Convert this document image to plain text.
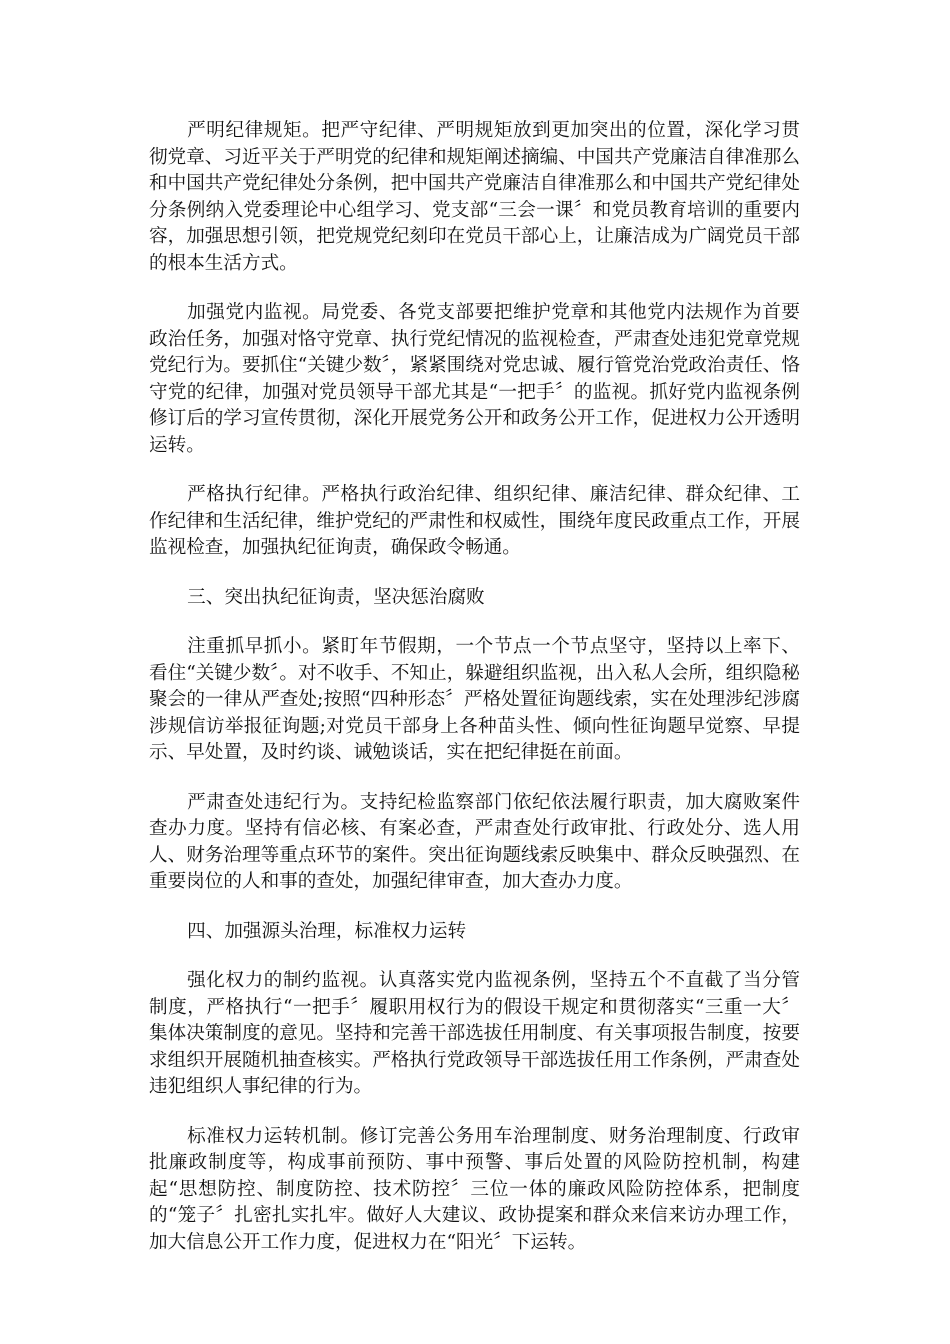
严明纪律规矩。把严守纪律、严明规矩放到更加突出的位置，深化学习贯彻党章、习近平关于严明党的纪律和规矩阐述摘编、中国共产党廉洁自律准那么和中国共产党纪律处分条例，把中国共产党廉洁自律准那么和中国共产党纪律处分条例纳入党委理论中心组学习、党支部“三会一课〞和党员教育培训的重要内容，加强思想引领，把党规党纪刻印在党员干部心上，让廉洁成为广阔党员干部的根本生活方式。

加强党内监视。局党委、各党支部要把维护党章和其他党内法规作为首要政治任务，加强对恪守党章、执行党纪情况的监视检查，严肃查处违犯党章党规党纪行为。要抓住“关键少数〞，紧紧围绕对党忠诚、履行管党治党政治责任、恪守党的纪律，加强对党员领导干部尤其是“一把手〞的监视。抓好党内监视条例修订后的学习宣传贯彻，深化开展党务公开和政务公开工作，促进权力公开透明运转。

严格执行纪律。严格执行政治纪律、组织纪律、廉洁纪律、群众纪律、工作纪律和生活纪律，维护党纪的严肃性和权威性，围绕年度民政重点工作，开展监视检查，加强执纪征询责，确保政令畅通。

三、突出执纪征询责，坚决惩治腐败

注重抓早抓小。紧盯年节假期，一个节点一个节点坚守，坚持以上率下、看住“关键少数〞。对不收手、不知止，躲避组织监视，出入私人会所，组织隐秘聚会的一律从严查处;按照“四种形态〞严格处置征询题线索，实在处理涉纪涉腐涉规信访举报征询题;对党员干部身上各种苗头性、倾向性征询题早觉察、早提示、早处置，及时约谈、诫勉谈话，实在把纪律挺在前面。

严肃查处违纪行为。支持纪检监察部门依纪依法履行职责，加大腐败案件查办力度。坚持有信必核、有案必查，严肃查处行政审批、行政处分、选人用人、财务治理等重点环节的案件。突出征询题线索反映集中、群众反映强烈、在重要岗位的人和事的查处，加强纪律审查，加大查办力度。

四、加强源头治理，标准权力运转

强化权力的制约监视。认真落实党内监视条例，坚持五个不直截了当分管制度，严格执行“一把手〞履职用权行为的假设干规定和贯彻落实“三重一大〞集体决策制度的意见。坚持和完善干部选拔任用制度、有关事项报告制度，按要求组织开展随机抽查核实。严格执行党政领导干部选拔任用工作条例，严肃查处违犯组织人事纪律的行为。

标准权力运转机制。修订完善公务用车治理制度、财务治理制度、行政审批廉政制度等，构成事前预防、事中预警、事后处置的风险防控机制，构建起“思想防控、制度防控、技术防控〞三位一体的廉政风险防控体系，把制度的“笼子〞扎密扎实扎牢。做好人大建议、政协提案和群众来信来访办理工作，加大信息公开工作力度，促进权力在“阳光〞下运转。
